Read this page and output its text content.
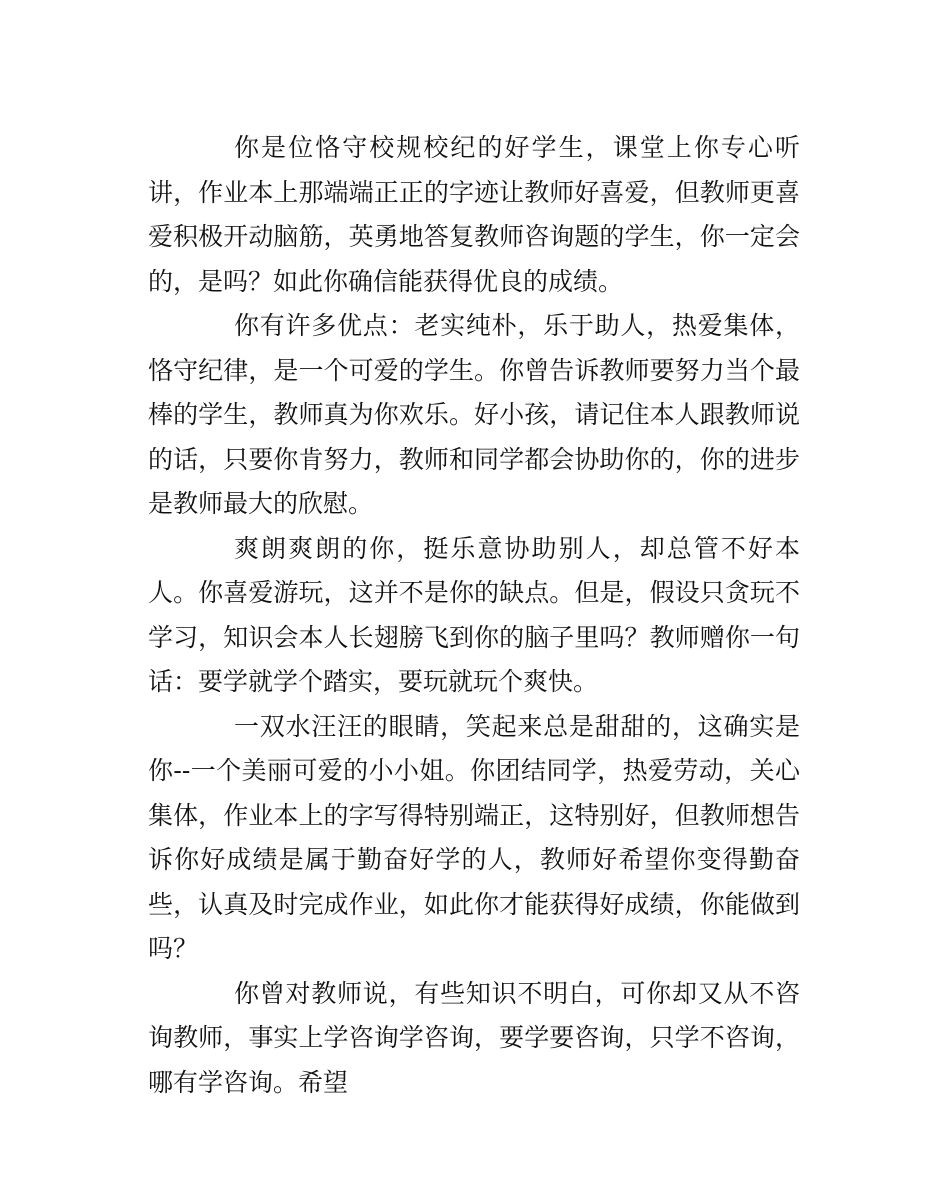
你是位恪守校规校纪的好学生，课堂上你专心听讲，作业本上那端端正正的字迹让教师好喜爱，但教师更喜爱积极开动脑筋，英勇地答复教师咨询题的学生，你一定会的，是吗？如此你确信能获得优良的成绩。

你有许多优点：老实纯朴，乐于助人，热爱集体，恪守纪律，是一个可爱的学生。你曾告诉教师要努力当个最棒的学生，教师真为你欢乐。好小孩，请记住本人跟教师说的话，只要你肯努力，教师和同学都会协助你的，你的进步是教师最大的欣慰。

爽朗爽朗的你，挺乐意协助别人，却总管不好本人。你喜爱游玩，这并不是你的缺点。但是，假设只贪玩不学习，知识会本人长翅膀飞到你的脑子里吗？教师赠你一句话：要学就学个踏实，要玩就玩个爽快。

一双水汪汪的眼睛，笑起来总是甜甜的，这确实是你--一个美丽可爱的小小姐。你团结同学，热爱劳动，关心集体，作业本上的字写得特别端正，这特别好，但教师想告诉你好成绩是属于勤奋好学的人，教师好希望你变得勤奋些，认真及时完成作业，如此你才能获得好成绩，你能做到吗？

你曾对教师说，有些知识不明白，可你却又从不咨询教师，事实上学咨询学咨询，要学要咨询，只学不咨询，哪有学咨询。希望
